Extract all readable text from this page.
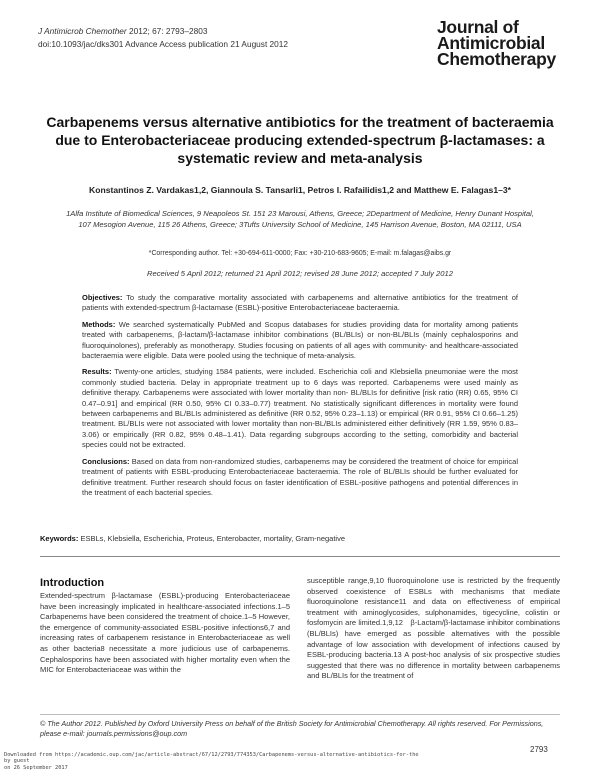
J Antimicrob Chemother 2012; 67: 2793–2803
doi:10.1093/jac/dks301 Advance Access publication 21 August 2012
Journal of
Antimicrobial
Chemotherapy
Carbapenems versus alternative antibiotics for the treatment of bacteraemia due to Enterobacteriaceae producing extended-spectrum β-lactamases: a systematic review and meta-analysis
Konstantinos Z. Vardakas1,2, Giannoula S. Tansarli1, Petros I. Rafailidis1,2 and Matthew E. Falagas1–3*
1Alfa Institute of Biomedical Sciences, 9 Neapoleos St. 151 23 Marousi, Athens, Greece; 2Department of Medicine, Henry Dunant Hospital, 107 Mesogion Avenue, 115 26 Athens, Greece; 3Tufts University School of Medicine, 145 Harrison Avenue, Boston, MA 02111, USA
*Corresponding author. Tel: +30-694-611-0000; Fax: +30-210-683-9605; E-mail: m.falagas@aibs.gr
Received 5 April 2012; returned 21 April 2012; revised 28 June 2012; accepted 7 July 2012

Objectives: To study the comparative mortality associated with carbapenems and alternative antibiotics for the treatment of patients with extended-spectrum β-lactamase (ESBL)-positive Enterobacteriaceae bacteraemia.

Methods: We searched systematically PubMed and Scopus databases for studies providing data for mortality among patients treated with carbapenems, β-lactam/β-lactamase inhibitor combinations (BL/BLIs) or non-BL/BLIs (mainly cephalosporins and fluoroquinolones), preferably as monotherapy. Studies focusing on patients of all ages with community- and healthcare-associated bacteraemia were eligible. Data were pooled using the technique of meta-analysis.

Results: Twenty-one articles, studying 1584 patients, were included. Escherichia coli and Klebsiella pneumoniae were the most commonly studied bacteria. Delay in appropriate treatment up to 6 days was reported. Carbapenems were used mainly as definitive therapy. Carbapenems were associated with lower mortality than non- BL/BLIs for definitive [risk ratio (RR) 0.65, 95% CI 0.47–0.91] and empirical (RR 0.50, 95% CI 0.33–0.77) treatment. No statistically significant differences in mortality were found between carbapenems and BL/BLIs administered as definitive (RR 0.52, 95% 0.23–1.13) or empirical (RR 0.91, 95% CI 0.66–1.25) treatment. BL/BLIs were not associated with lower mortality than non-BL/BLIs administered either definitively (RR 1.59, 95% 0.83–3.06) or empirically (RR 0.82, 95% 0.48–1.41). Data regarding subgroups according to the setting, comorbidity and bacterial species could not be extracted.

Conclusions: Based on data from non-randomized studies, carbapenems may be considered the treatment of choice for empirical treatment of patients with ESBL-producing Enterobacteriaceae bacteraemia. The role of BL/BLIs should be further evaluated for definitive treatment. Further research should focus on faster identification of ESBL-positive pathogens and potential differences in the treatment of each bacterial species.

Keywords: ESBLs, Klebsiella, Escherichia, Proteus, Enterobacter, mortality, Gram-negative
Introduction

Extended-spectrum β-lactamase (ESBL)-producing Enterobacteriaceae have been increasingly implicated in healthcare-associated infections.1–5 Carbapenems have been considered the treatment of choice.1–5 However, the emergence of community-associated ESBL-positive infections6,7 and increasing rates of carbapenem resistance in Enterobacteriaceae as well as other bacteria8 necessitate a more judicious use of carbapenems. Cephalosporins have been associated with higher mortality even when the MIC for Enterobacteriaceae was within the

susceptible range,9,10 fluoroquinolone use is restricted by the frequently observed coexistence of ESBLs with mechanisms that mediate fluoroquinolone resistance11 and data on effectiveness of empirical treatment with aminoglycosides, sulphonamides, tigecycline, colistin or fosfomycin are limited.1,9,12 β-Lactam/β-lactamase inhibitor combinations (BL/BLIs) have emerged as possible alternatives with the possible advantage of low association with development of infections caused by ESBL-producing bacteria.13 A post-hoc analysis of six prospective studies suggested that there was no difference in mortality between carbapenems and BL/BLIs for the treatment of

© The Author 2012. Published by Oxford University Press on behalf of the British Society for Antimicrobial Chemotherapy. All rights reserved. For Permissions, please e-mail: journals.permissions@oup.com
2793
Downloaded from https://academic.oup.com/jac/article-abstract/67/12/2793/774353/Carbapenems-versus-alternative-antibiotics-for-the
by guest
on 26 September 2017
